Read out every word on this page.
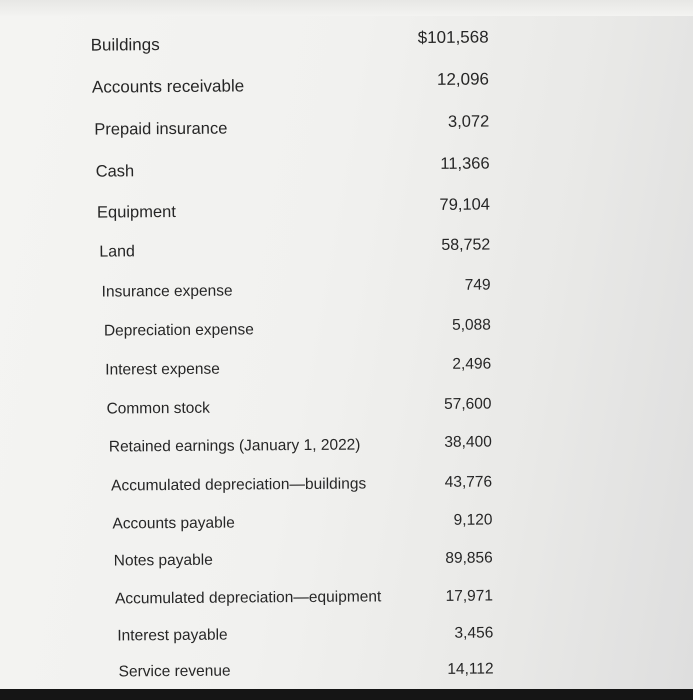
Buildings	$101,568
Accounts receivable	12,096
Prepaid insurance	3,072
Cash	11,366
Equipment	79,104
Land	58,752
Insurance expense	749
Depreciation expense	5,088
Interest expense	2,496
Common stock	57,600
Retained earnings (January 1, 2022)	38,400
Accumulated depreciation—buildings	43,776
Accounts payable	9,120
Notes payable	89,856
Accumulated depreciation—equipment	17,971
Interest payable	3,456
Service revenue	14,112
